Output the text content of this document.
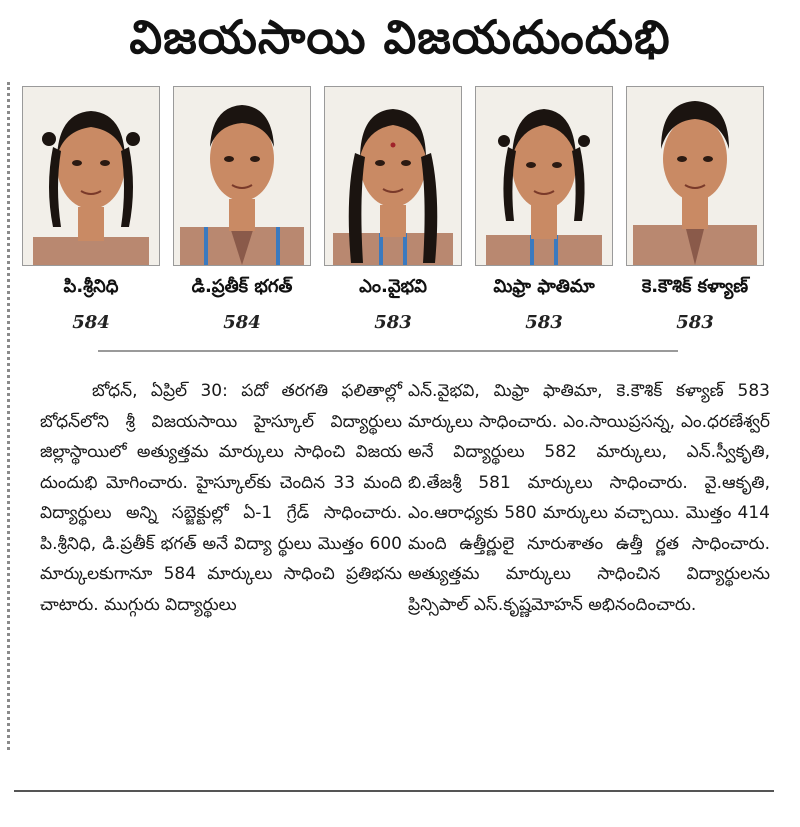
విజయసాయి విజయదుందుభి
పి.శ్రీనిధి
584
డి.ప్రతీక్ భగత్
584
ఎం.వైభవి
583
మిఫ్రా ఫాతిమా
583
కె.కౌశిక్ కళ్యాణ్
583
బోధన్, ఏప్రిల్ 30: పదో తరగతి ఫలితాల్లో బోధన్‌లోని శ్రీ విజయసాయి హైస్కూల్ విద్యార్థులు జిల్లాస్థాయిలో అత్యుత్తమ మార్కులు సాధించి విజయ దుందుభి మోగించారు. హైస్కూల్‌కు చెందిన 33 మంది విద్యార్థులు అన్ని సబ్జెక్టుల్లో ఏ-1 గ్రేడ్ సాధించారు. పి.శ్రీనిధి, డి.ప్రతీక్ భగత్ అనే విద్యా ర్థులు మొత్తం 600 మార్కులకుగానూ 584 మార్కులు సాధించి ప్రతిభను చాటారు. ముగ్గురు విద్యార్థులు
ఎన్.వైభవి, మిఫ్రా ఫాతిమా, కె.కౌశిక్ కళ్యాణ్ 583 మార్కులు సాధించారు. ఎం.సాయిప్రసన్న, ఎం.ధరణేశ్వర్ అనే విద్యార్థులు 582 మార్కులు, ఎన్.స్వీకృతి, బి.తేజశ్రీ 581 మార్కులు సాధించారు. వై.ఆకృతి, ఎం.ఆరాధ్యకు 580 మార్కులు వచ్చాయి. మొత్తం 414 మంది ఉత్తీర్ణులై నూరుశాతం ఉత్తీ ర్ణత సాధించారు. అత్యుత్తమ మార్కులు సాధించిన విద్యార్థులను ప్రిన్సిపాల్ ఎస్.కృష్ణమోహన్ అభినందించారు.
